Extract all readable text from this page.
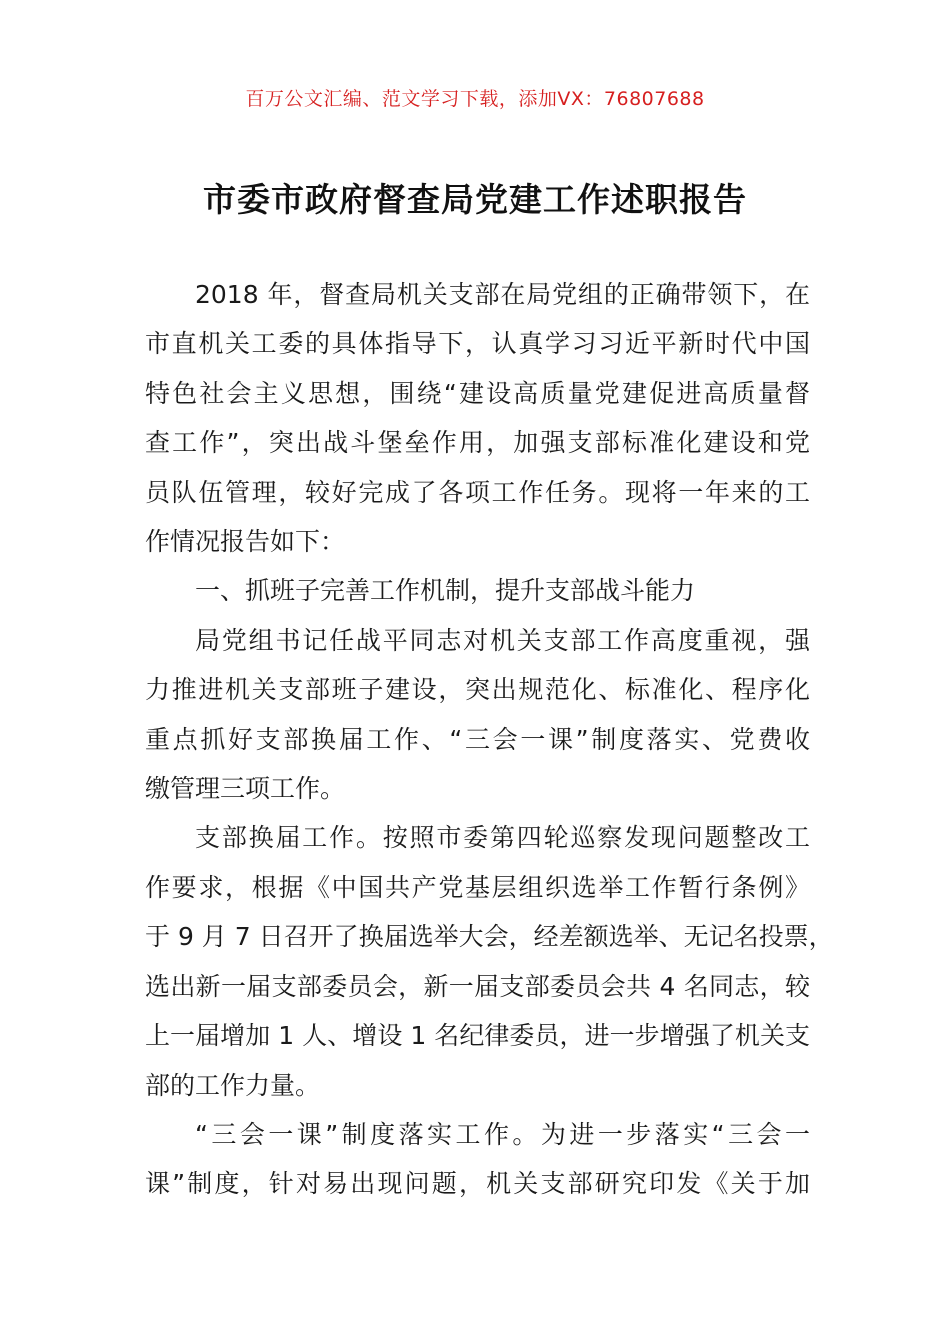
百万公文汇编、范文学习下载，添加VX：76807688
市委市政府督查局党建工作述职报告
2018 年，督查局机关支部在局党组的正确带领下，在
市直机关工委的具体指导下，认真学习习近平新时代中国
特色社会主义思想，围绕“建设高质量党建促进高质量督
查工作”，突出战斗堡垒作用，加强支部标准化建设和党
员队伍管理，较好完成了各项工作任务。现将一年来的工
作情况报告如下：
一、抓班子完善工作机制，提升支部战斗能力
局党组书记任战平同志对机关支部工作高度重视，强
力推进机关支部班子建设，突出规范化、标准化、程序化
重点抓好支部换届工作、“三会一课”制度落实、党费收
缴管理三项工作。
支部换届工作。按照市委第四轮巡察发现问题整改工
作要求，根据《中国共产党基层组织选举工作暂行条例》
于 9 月 7 日召开了换届选举大会，经差额选举、无记名投票，
选出新一届支部委员会，新一届支部委员会共 4 名同志，较
上一届增加 1 人、增设 1 名纪律委员，进一步增强了机关支
部的工作力量。
“三会一课”制度落实工作。为进一步落实“三会一
课”制度，针对易出现问题，机关支部研究印发《关于加
